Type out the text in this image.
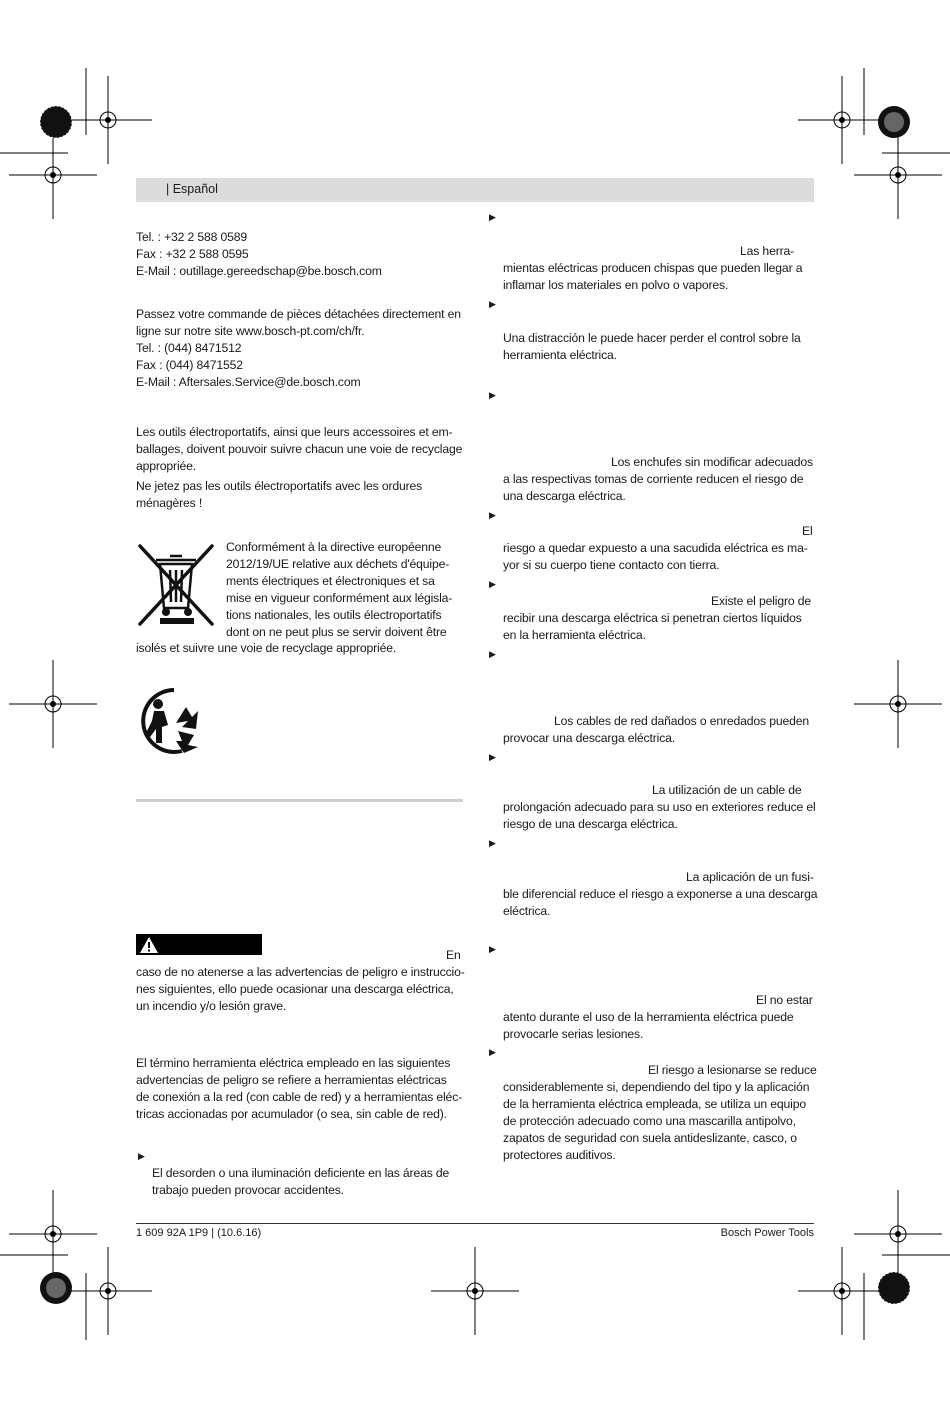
| Español
Tel. : +32 2 588 0589
Fax : +32 2 588 0595
E-Mail : outillage.gereedschap@be.bosch.com
Passez votre commande de pièces détachées directement en
ligne sur notre site www.bosch-pt.com/ch/fr.
Tel. : (044) 8471512
Fax : (044) 8471552
E-Mail : Aftersales.Service@de.bosch.com
Les outils électroportatifs, ainsi que leurs accessoires et em-
ballages, doivent pouvoir suivre chacun une voie de recyclage
appropriée.
Ne jetez pas les outils électroportatifs avec les ordures
ménagères !
Conformément à la directive européenne
2012/19/UE relative aux déchets d'équipe-
ments électriques et électroniques et sa
mise en vigueur conformément aux législa-
tions nationales, les outils électroportatifs
dont on ne peut plus se servir doivent être
isolés et suivre une voie de recyclage appropriée.
En
caso de no atenerse a las advertencias de peligro e instruccio-
nes siguientes, ello puede ocasionar una descarga eléctrica,
un incendio y/o lesión grave.
El término herramienta eléctrica empleado en las siguientes
advertencias de peligro se refiere a herramientas eléctricas
de conexión a la red (con cable de red) y a herramientas eléc-
tricas accionadas por acumulador (o sea, sin cable de red).
▶
El desorden o una iluminación deficiente en las áreas de
trabajo pueden provocar accidentes.
▶
Las herra-
mientas eléctricas producen chispas que pueden llegar a
inflamar los materiales en polvo o vapores.
▶
Una distracción le puede hacer perder el control sobre la
herramienta eléctrica.
▶
Los enchufes sin modificar adecuados
a las respectivas tomas de corriente reducen el riesgo de
una descarga eléctrica.
▶
El
riesgo a quedar expuesto a una sacudida eléctrica es ma-
yor si su cuerpo tiene contacto con tierra.
▶
Existe el peligro de
recibir una descarga eléctrica si penetran ciertos líquidos
en la herramienta eléctrica.
▶
Los cables de red dañados o enredados pueden
provocar una descarga eléctrica.
▶
La utilización de un cable de
prolongación adecuado para su uso en exteriores reduce el
riesgo de una descarga eléctrica.
▶
La aplicación de un fusi-
ble diferencial reduce el riesgo a exponerse a una descarga
eléctrica.
▶
El no estar
atento durante el uso de la herramienta eléctrica puede
provocarle serias lesiones.
▶
El riesgo a lesionarse se reduce
considerablemente si, dependiendo del tipo y la aplicación
de la herramienta eléctrica empleada, se utiliza un equipo
de protección adecuado como una mascarilla antipolvo,
zapatos de seguridad con suela antideslizante, casco, o
protectores auditivos.
1 609 92A 1P9 | (10.6.16)	Bosch Power Tools
